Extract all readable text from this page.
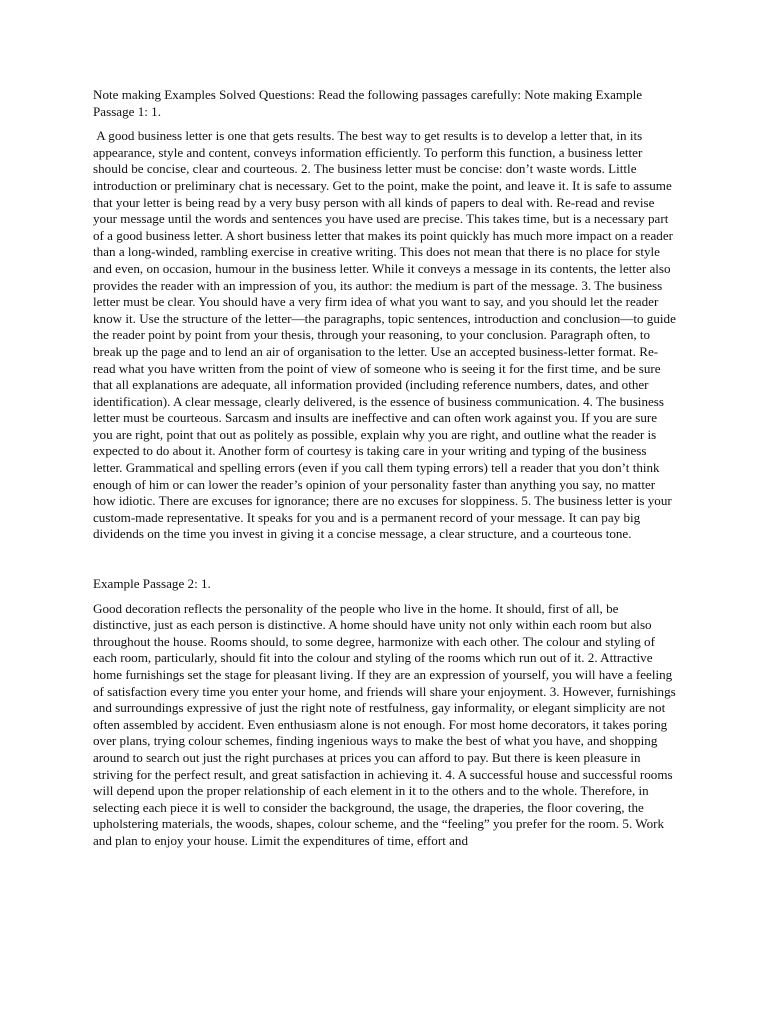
Note making Examples Solved Questions: Read the following passages carefully: Note making Example Passage 1: 1.

A good business letter is one that gets results. The best way to get results is to develop a letter that, in its appearance, style and content, conveys information efficiently. To perform this function, a business letter should be concise, clear and courteous. 2. The business letter must be concise: don’t waste words. Little introduction or preliminary chat is necessary. Get to the point, make the point, and leave it. It is safe to assume that your letter is being read by a very busy person with all kinds of papers to deal with. Re-read and revise your message until the words and sentences you have used are precise. This takes time, but is a necessary part of a good business letter. A short business letter that makes its point quickly has much more impact on a reader than a long-winded, rambling exercise in creative writing. This does not mean that there is no place for style and even, on occasion, humour in the business letter. While it conveys a message in its contents, the letter also provides the reader with an impression of you, its author: the medium is part of the message. 3. The business letter must be clear. You should have a very firm idea of what you want to say, and you should let the reader know it. Use the structure of the letter—the paragraphs, topic sentences, introduction and conclusion—to guide the reader point by point from your thesis, through your reasoning, to your conclusion. Paragraph often, to break up the page and to lend an air of organisation to the letter. Use an accepted business-letter format. Re-read what you have written from the point of view of someone who is seeing it for the first time, and be sure that all explanations are adequate, all information provided (including reference numbers, dates, and other identification). A clear message, clearly delivered, is the essence of business communication. 4. The business letter must be courteous. Sarcasm and insults are ineffective and can often work against you. If you are sure you are right, point that out as politely as possible, explain why you are right, and outline what the reader is expected to do about it. Another form of courtesy is taking care in your writing and typing of the business letter. Grammatical and spelling errors (even if you call them typing errors) tell a reader that you don’t think enough of him or can lower the reader’s opinion of your personality faster than anything you say, no matter how idiotic. There are excuses for ignorance; there are no excuses for sloppiness. 5. The business letter is your custom-made representative. It speaks for you and is a permanent record of your message. It can pay big dividends on the time you invest in giving it a concise message, a clear structure, and a courteous tone.

Example Passage 2: 1.

Good decoration reflects the personality of the people who live in the home. It should, first of all, be distinctive, just as each person is distinctive. A home should have unity not only within each room but also throughout the house. Rooms should, to some degree, harmonize with each other. The colour and styling of each room, particularly, should fit into the colour and styling of the rooms which run out of it. 2. Attractive home furnishings set the stage for pleasant living. If they are an expression of yourself, you will have a feeling of satisfaction every time you enter your home, and friends will share your enjoyment. 3. However, furnishings and surroundings expressive of just the right note of restfulness, gay informality, or elegant simplicity are not often assembled by accident. Even enthusiasm alone is not enough. For most home decorators, it takes poring over plans, trying colour schemes, finding ingenious ways to make the best of what you have, and shopping around to search out just the right purchases at prices you can afford to pay. But there is keen pleasure in striving for the perfect result, and great satisfaction in achieving it. 4. A successful house and successful rooms will depend upon the proper relationship of each element in it to the others and to the whole. Therefore, in selecting each piece it is well to consider the background, the usage, the draperies, the floor covering, the upholstering materials, the woods, shapes, colour scheme, and the “feeling” you prefer for the room. 5. Work and plan to enjoy your house. Limit the expenditures of time, effort and
